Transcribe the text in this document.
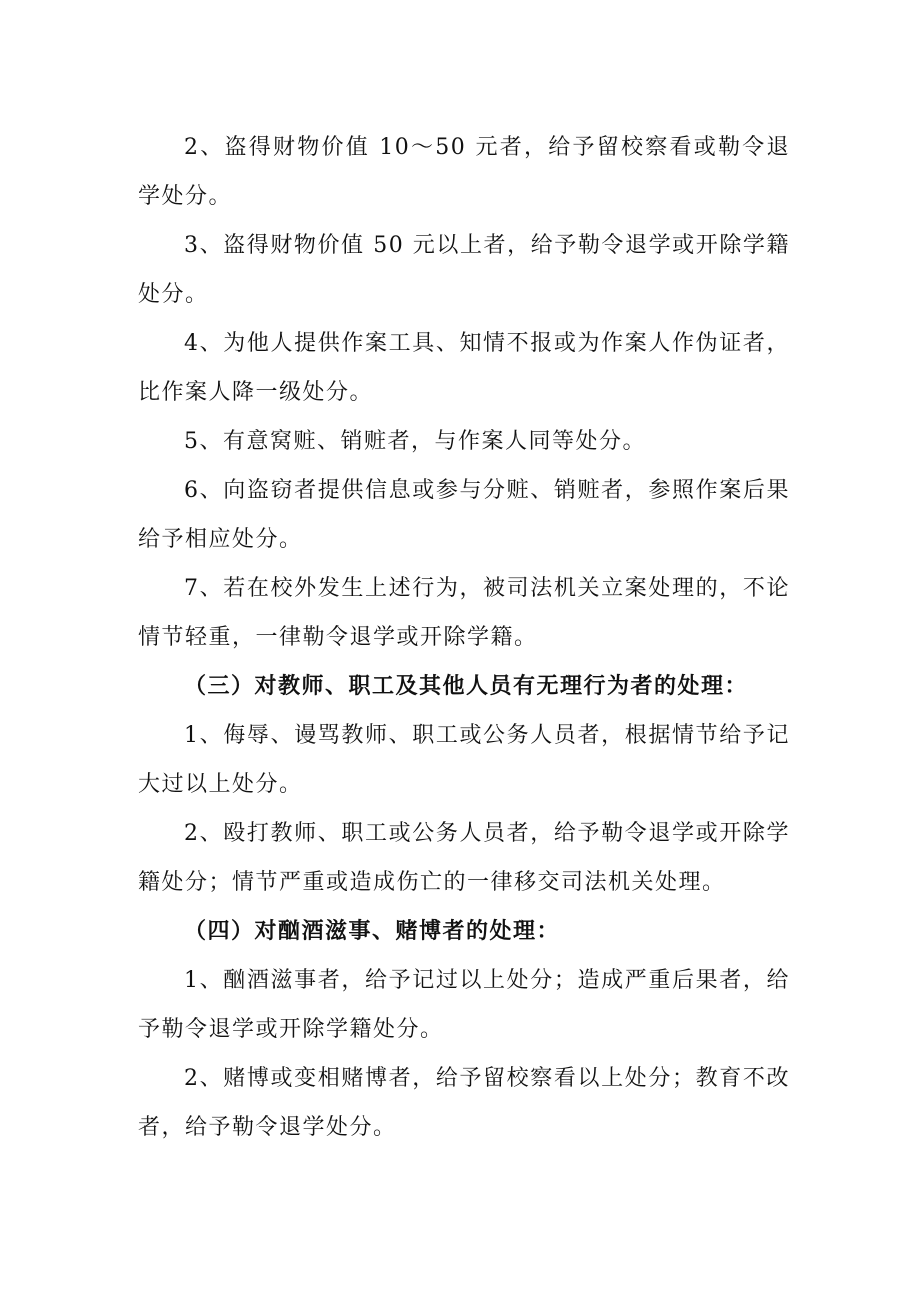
2、盗得财物价值 10～50 元者，给予留校察看或勒令退学处分。

3、盗得财物价值 50 元以上者，给予勒令退学或开除学籍处分。

4、为他人提供作案工具、知情不报或为作案人作伪证者，比作案人降一级处分。

5、有意窝赃、销赃者，与作案人同等处分。

6、向盗窃者提供信息或参与分赃、销赃者，参照作案后果给予相应处分。

7、若在校外发生上述行为，被司法机关立案处理的，不论情节轻重，一律勒令退学或开除学籍。

（三）对教师、职工及其他人员有无理行为者的处理：

1、侮辱、谩骂教师、职工或公务人员者，根据情节给予记大过以上处分。

2、殴打教师、职工或公务人员者，给予勒令退学或开除学籍处分；情节严重或造成伤亡的一律移交司法机关处理。

（四）对酗酒滋事、赌博者的处理：

1、酗酒滋事者，给予记过以上处分；造成严重后果者，给予勒令退学或开除学籍处分。

2、赌博或变相赌博者，给予留校察看以上处分；教育不改者，给予勒令退学处分。
